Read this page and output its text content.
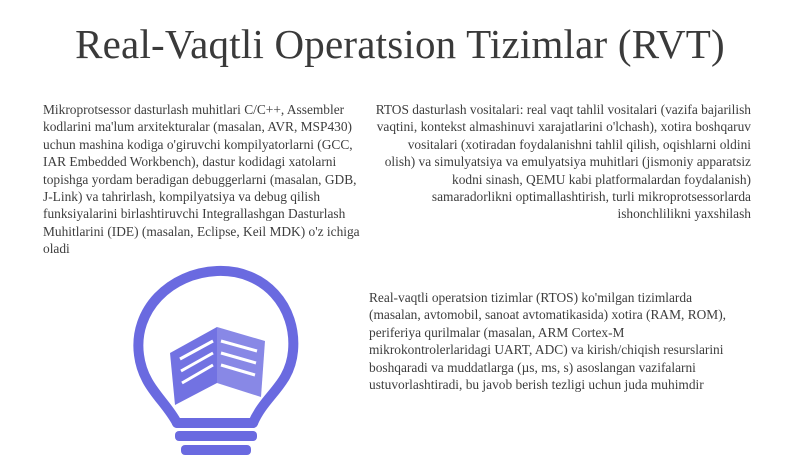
Real-Vaqtli Operatsion Tizimlar (RVT)
Mikroprotsessor dasturlash muhitlari C/C++, Assembler kodlarini ma'lum arxitekturalar (masalan, AVR, MSP430) uchun mashina kodiga o'giruvchi kompilyatorlarni (GCC, IAR Embedded Workbench), dastur kodidagi xatolarni topishga yordam beradigan debuggerlarni (masalan, GDB, J-Link) va tahrirlash, kompilyatsiya va debug qilish funksiyalarini birlashtiruvchi Integrallashgan Dasturlash Muhitlarini (IDE) (masalan, Eclipse, Keil MDK) o'z ichiga oladi
RTOS dasturlash vositalari: real vaqt tahlil vositalari (vazifa bajarilish vaqtini, kontekst almashinuvi xarajatlarini o'lchash), xotira boshqaruv vositalari (xotiradan foydalanishni tahlil qilish, oqishlarni oldini olish) va simulyatsiya va emulyatsiya muhitlari (jismoniy apparatsiz kodni sinash, QEMU kabi platformalardan foydalanish) samaradorlikni optimallashtirish, turli mikroprotsessorlarda ishonchlilikni yaxshilash
Real-vaqtli operatsion tizimlar (RTOS) ko'milgan tizimlarda (masalan, avtomobil, sanoat avtomatikasida) xotira (RAM, ROM), periferiya qurilmalar (masalan, ARM Cortex-M mikrokontrolerlaridagi UART, ADC) va kirish/chiqish resurslarini boshqaradi va muddatlarga (µs, ms, s) asoslangan vazifalarni ustuvorlashtiradi, bu javob berish tezligi uchun juda muhimdir
